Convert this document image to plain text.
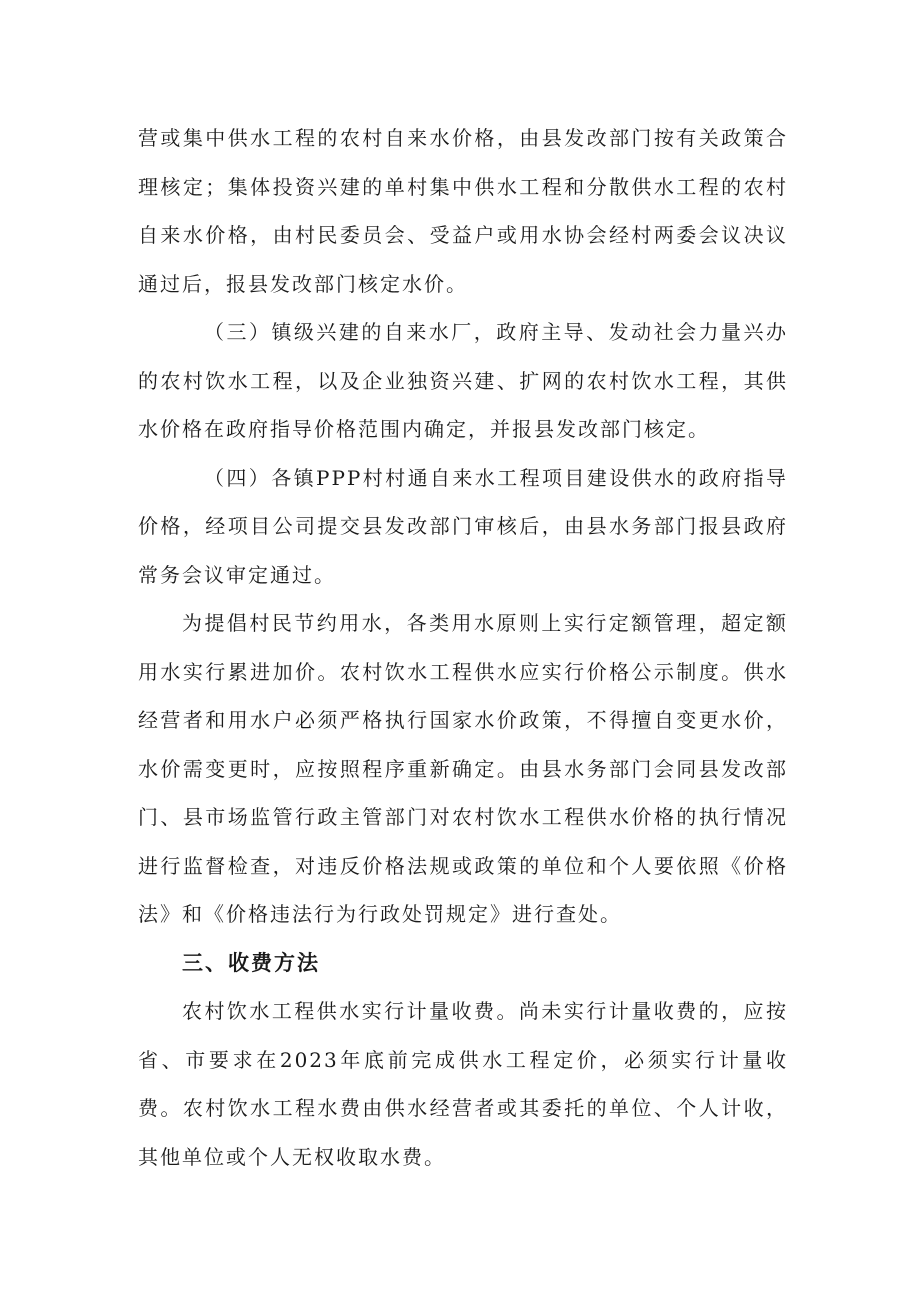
营或集中供水工程的农村自来水价格，由县发改部门按有关政策合理核定；集体投资兴建的单村集中供水工程和分散供水工程的农村自来水价格，由村民委员会、受益户或用水协会经村两委会议决议通过后，报县发改部门核定水价。

（三）镇级兴建的自来水厂，政府主导、发动社会力量兴办的农村饮水工程，以及企业独资兴建、扩网的农村饮水工程，其供水价格在政府指导价格范围内确定，并报县发改部门核定。

（四）各镇PPP村村通自来水工程项目建设供水的政府指导价格，经项目公司提交县发改部门审核后，由县水务部门报县政府常务会议审定通过。

为提倡村民节约用水，各类用水原则上实行定额管理，超定额用水实行累进加价。农村饮水工程供水应实行价格公示制度。供水经营者和用水户必须严格执行国家水价政策，不得擅自变更水价，水价需变更时，应按照程序重新确定。由县水务部门会同县发改部门、县市场监管行政主管部门对农村饮水工程供水价格的执行情况进行监督检查，对违反价格法规或政策的单位和个人要依照《价格法》和《价格违法行为行政处罚规定》进行查处。

三、收费方法

农村饮水工程供水实行计量收费。尚未实行计量收费的，应按省、市要求在2023年底前完成供水工程定价，必须实行计量收费。农村饮水工程水费由供水经营者或其委托的单位、个人计收，其他单位或个人无权收取水费。
